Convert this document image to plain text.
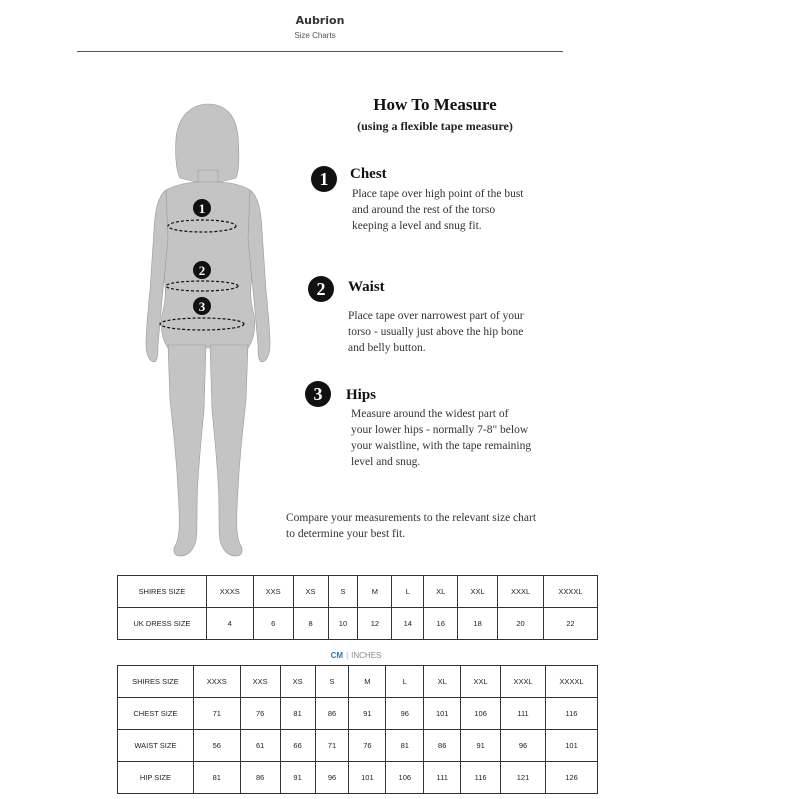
Aubrion
Size Charts
1
2
3
How To Measure
(using a flexible tape measure)
1	Chest
Place tape over high point of the bust
and around the rest of the torso
keeping a level and snug fit.
2	Waist
Place tape over narrowest part of your
torso - usually just above the hip bone
and belly button.
3	Hips
Measure around the widest part of
your lower hips - normally 7-8" below
your waistline, with the tape remaining
level and snug.
Compare your measurements to the relevant size chart
to determine your best fit.
SHIRES SIZE	XXXS	XXS	XS	S	M	L	XL	XXL	XXXL	XXXXL
UK DRESS SIZE	4	6	8	10	12	14	16	18	20	22
CM | INCHES
SHIRES SIZE	XXXS	XXS	XS	S	M	L	XL	XXL	XXXL	XXXXL
CHEST SIZE	71	76	81	86	91	96	101	106	111	116
WAIST SIZE	56	61	66	71	76	81	86	91	96	101
HIP SIZE	81	86	91	96	101	106	111	116	121	126
